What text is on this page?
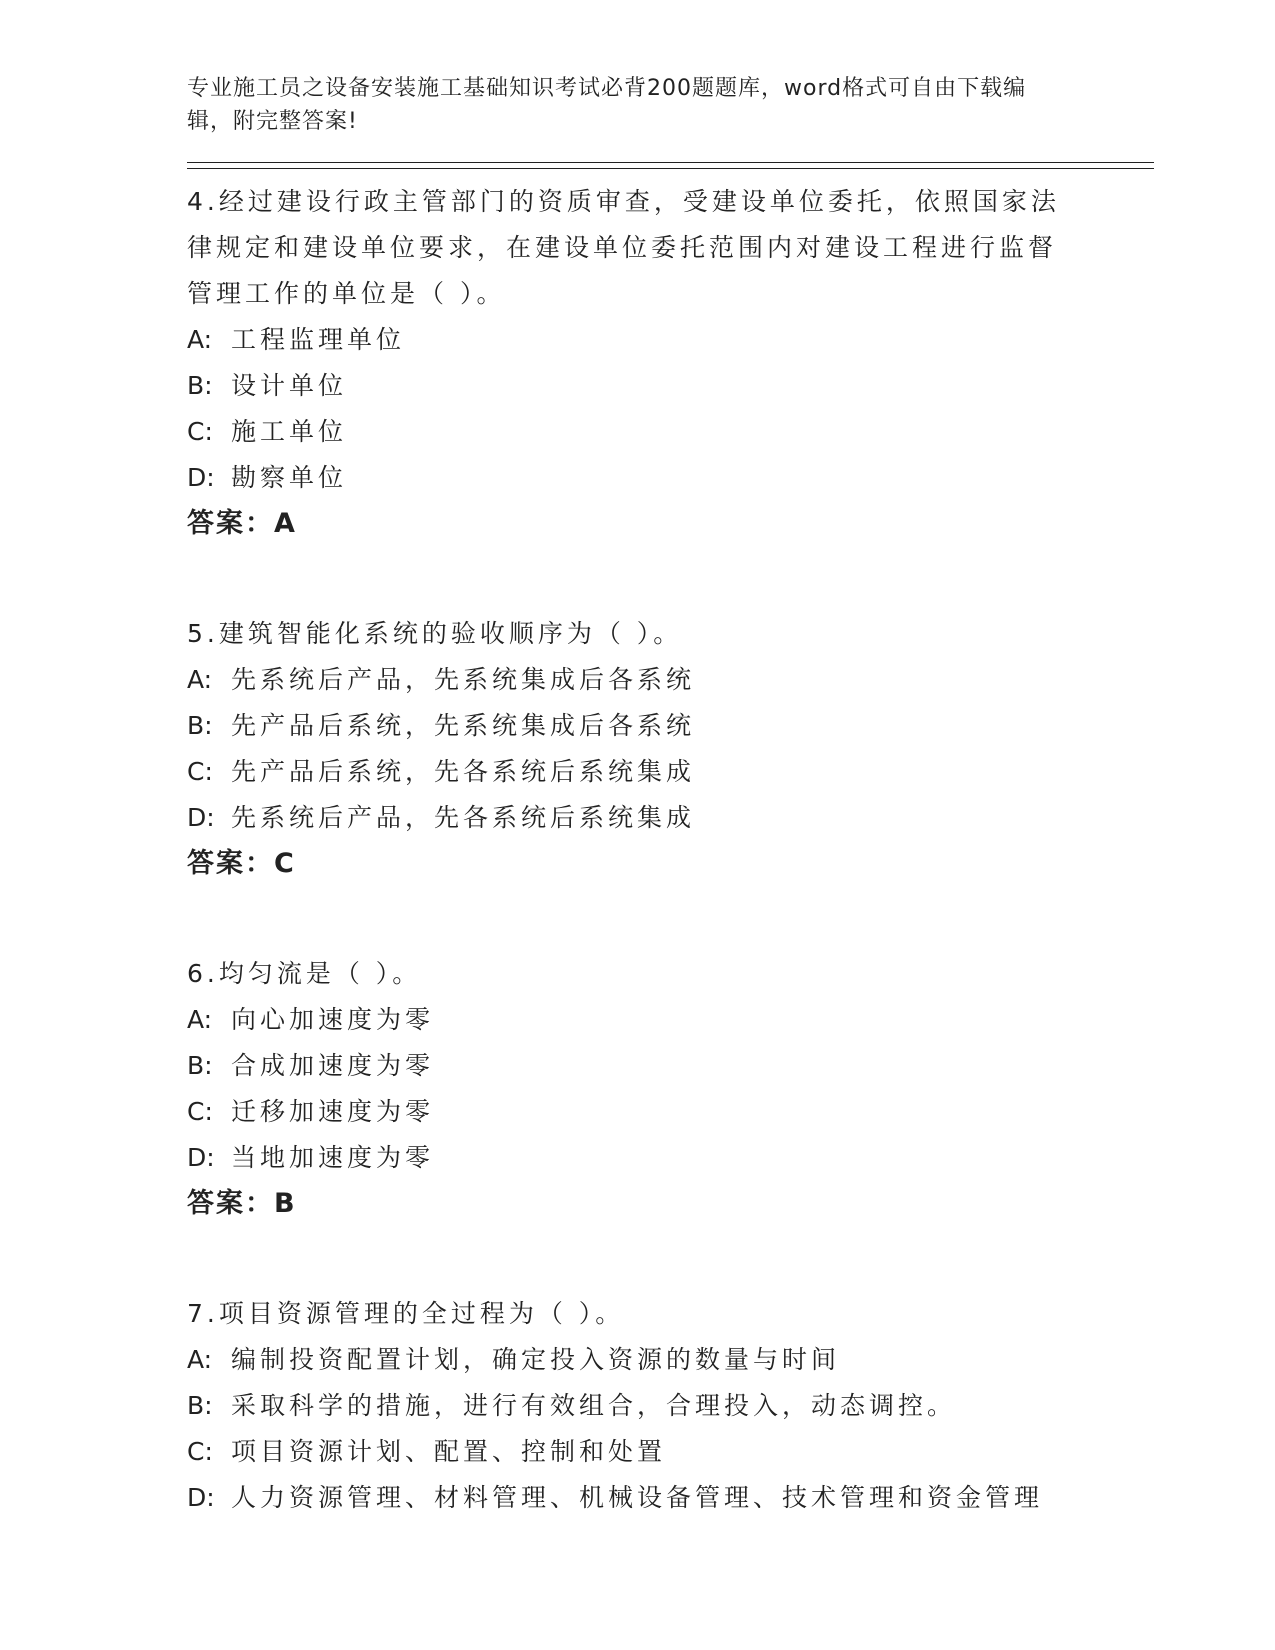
专业施工员之设备安装施工基础知识考试必背200题题库，word格式可自由下载编辑，附完整答案!
4.经过建设行政主管部门的资质审查，受建设单位委托，依照国家法律规定和建设单位要求，在建设单位委托范围内对建设工程进行监督管理工作的单位是（ ）。
A: 工程监理单位
B: 设计单位
C: 施工单位
D: 勘察单位
答案：A
5.建筑智能化系统的验收顺序为（ ）。
A: 先系统后产品，先系统集成后各系统
B: 先产品后系统，先系统集成后各系统
C: 先产品后系统，先各系统后系统集成
D: 先系统后产品，先各系统后系统集成
答案：C
6.均匀流是（ ）。
A: 向心加速度为零
B: 合成加速度为零
C: 迁移加速度为零
D: 当地加速度为零
答案：B
7.项目资源管理的全过程为（ ）。
A: 编制投资配置计划，确定投入资源的数量与时间
B: 采取科学的措施，进行有效组合，合理投入，动态调控。
C: 项目资源计划、配置、控制和处置
D: 人力资源管理、材料管理、机械设备管理、技术管理和资金管理
